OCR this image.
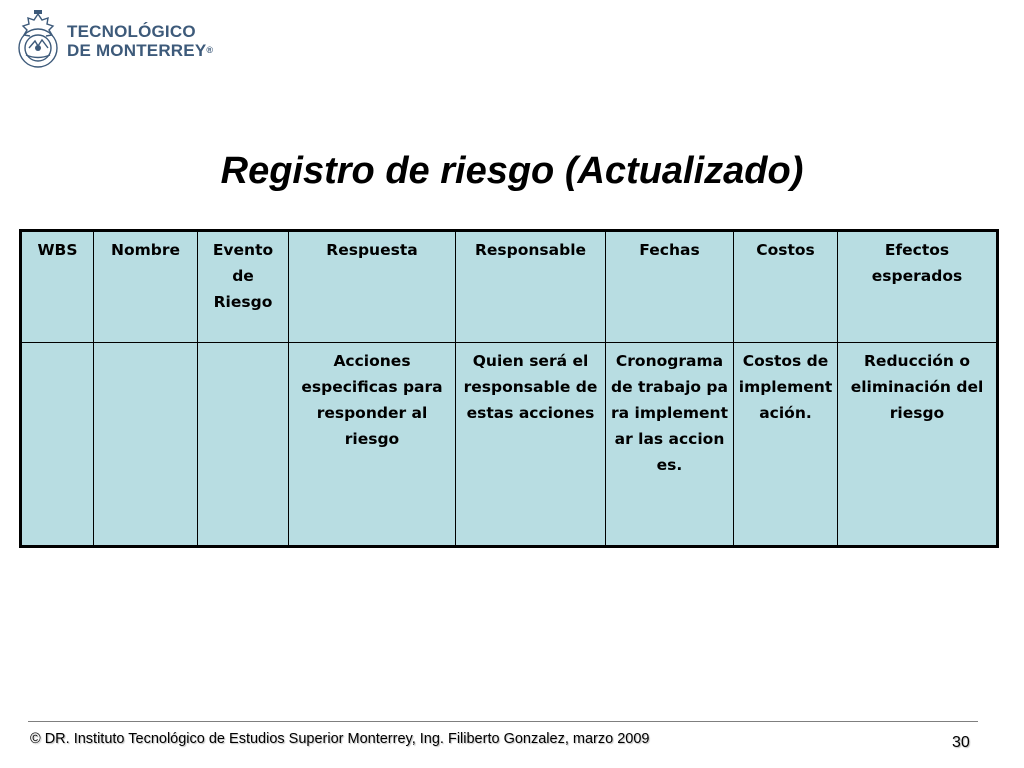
TECNOLÓGICO
DE MONTERREY®
Registro de riesgo (Actualizado)
WBS	Nombre	Evento de Riesgo	Respuesta	Responsable	Fechas	Costos	Efectos esperados
			Acciones especificas para responder al riesgo	Quien será el responsable de estas acciones	Cronograma de trabajo para implementar las acciones.	Costos de implementación.	Reducción o eliminación del riesgo
© DR. Instituto Tecnológico de Estudios Superior Monterrey, Ing. Filiberto Gonzalez, marzo 2009	30
